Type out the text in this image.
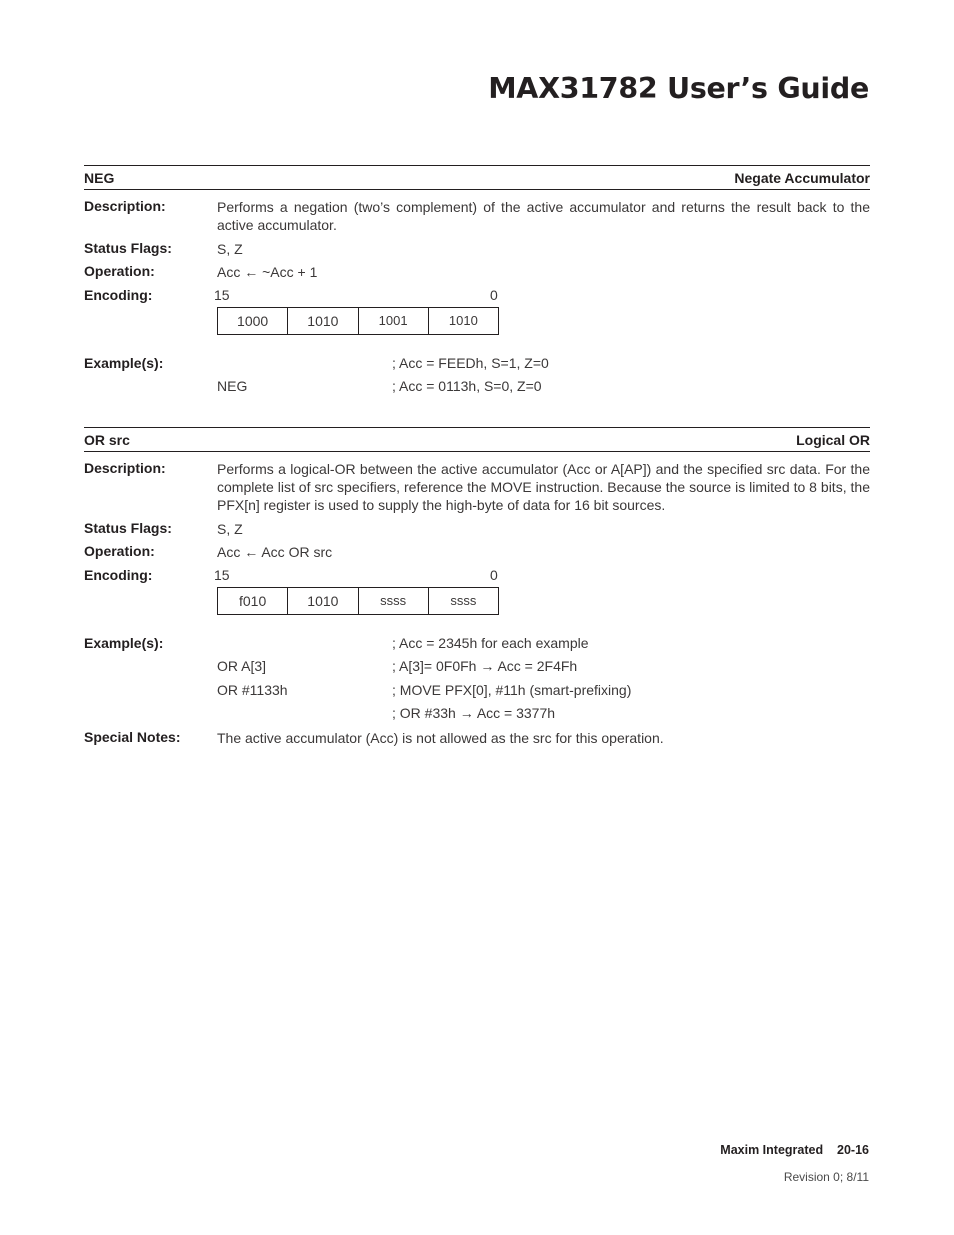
MAX31782 User’s Guide
NEG	Negate Accumulator
Description:	Performs a negation (two’s complement) of the active accumulator and returns the result back to the active accumulator.
Status Flags:	S, Z
Operation:	Acc ← ~Acc + 1
Encoding:	15	0
1000	1010	1001	1010
Example(s):	; Acc = FEEDh, S=1, Z=0
NEG	; Acc = 0113h, S=0, Z=0
OR src	Logical OR
Description:	Performs a logical-OR between the active accumulator (Acc or A[AP]) and the specified src data. For the complete list of src specifiers, reference the MOVE instruction. Because the source is limited to 8 bits, the PFX[n] register is used to supply the high-byte of data for 16 bit sources.
Status Flags:	S, Z
Operation:	Acc ← Acc OR src
Encoding:	15	0
f010	1010	ssss	ssss
Example(s):	; Acc = 2345h for each example
OR A[3]	; A[3]= 0F0Fh → Acc = 2F4Fh
OR #1133h	; MOVE PFX[0], #11h (smart-prefixing)
; OR #33h → Acc = 3377h
Special Notes:	The active accumulator (Acc) is not allowed as the src for this operation.
Maxim Integrated 20-16
Revision 0; 8/11
